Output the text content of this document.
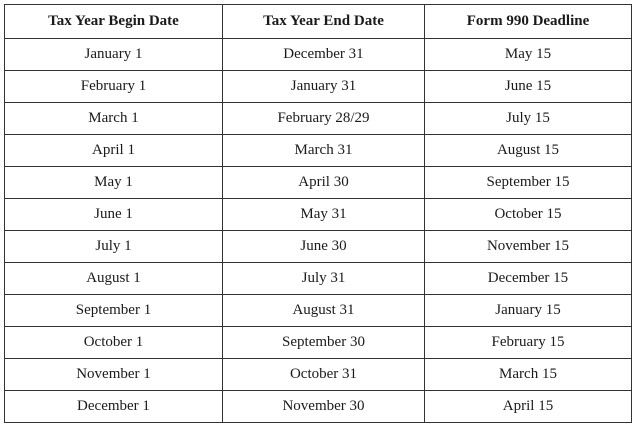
Tax Year Begin Date	Tax Year End Date	Form 990 Deadline
January 1	December 31	May 15
February 1	January 31	June 15
March 1	February 28/29	July 15
April 1	March 31	August 15
May 1	April 30	September 15
June 1	May 31	October 15
July 1	June 30	November 15
August 1	July 31	December 15
September 1	August 31	January 15
October 1	September 30	February 15
November 1	October 31	March 15
December 1	November 30	April 15
